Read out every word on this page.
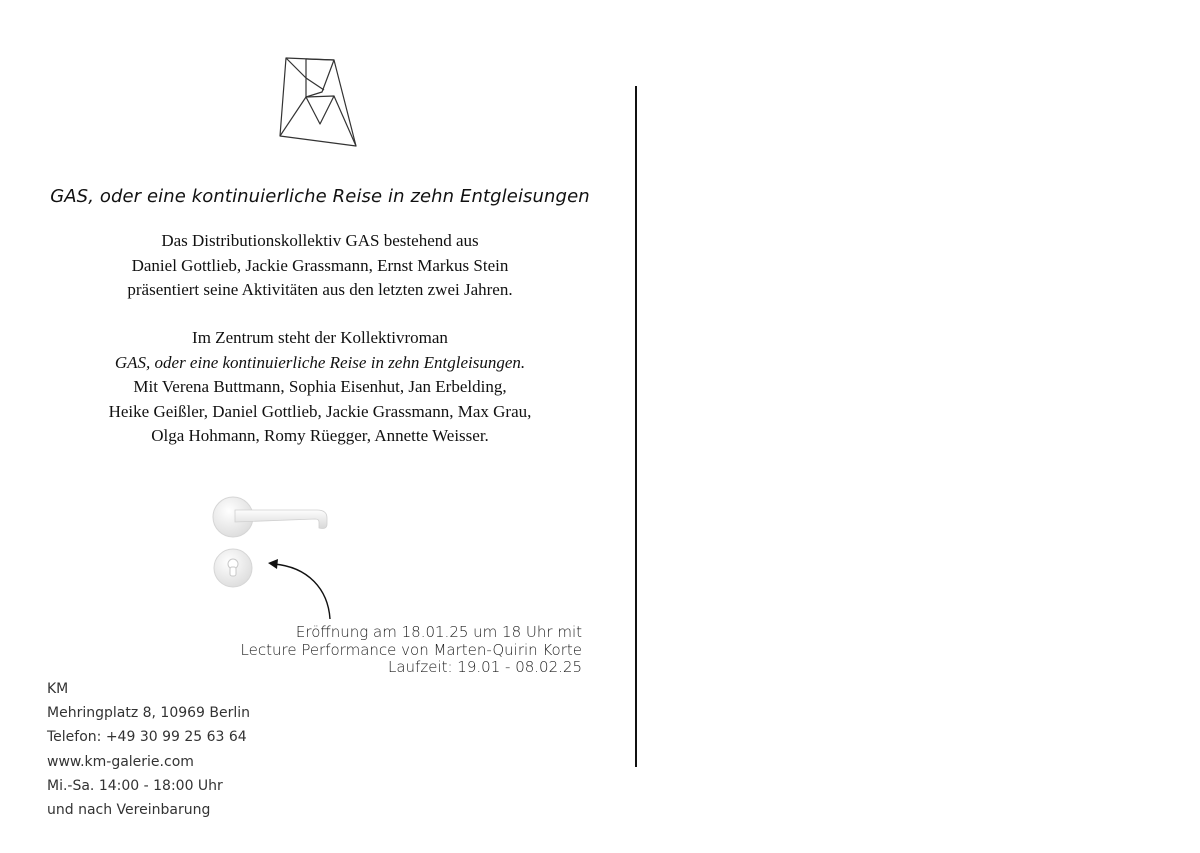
GAS, oder eine kontinuierliche Reise in zehn Entgleisungen
Das Distributionskollektiv GAS bestehend aus
Daniel Gottlieb, Jackie Grassmann, Ernst Markus Stein
präsentiert seine Aktivitäten aus den letzten zwei Jahren.
Im Zentrum steht der Kollektivroman
GAS, oder eine kontinuierliche Reise in zehn Entgleisungen.
Mit Verena Buttmann, Sophia Eisenhut, Jan Erbelding,
Heike Geißler, Daniel Gottlieb, Jackie Grassmann, Max Grau,
Olga Hohmann, Romy Rüegger, Annette Weisser.
Eröffnung am 18.01.25 um 18 Uhr mit
Lecture Performance von Marten-Quirin Korte
Laufzeit: 19.01 - 08.02.25
KM
Mehringplatz 8, 10969 Berlin
Telefon: +49 30 99 25 63 64
www.km-galerie.com
Mi.-Sa. 14:00 - 18:00 Uhr
und nach Vereinbarung
